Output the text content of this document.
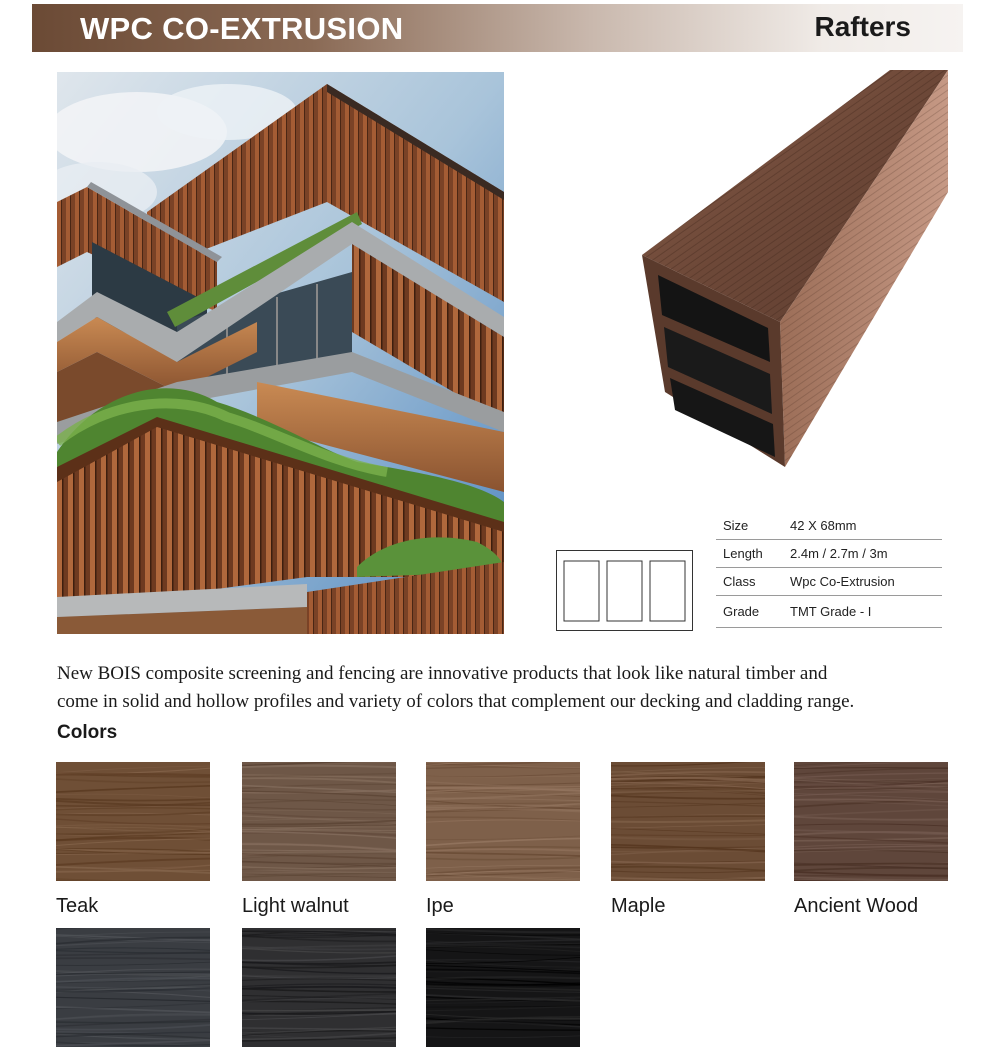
WPC CO-EXTRUSION	Rafters
Size	42 X 68mm
Length	2.4m / 2.7m / 3m
Class	Wpc Co-Extrusion
Grade	TMT Grade - I
New BOIS composite screening and fencing are innovative products that look like natural timber and
come in solid and hollow profiles and variety of colors that complement our decking and cladding range.
Colors
Teak	Light walnut	Ipe	Maple	Ancient Wood
